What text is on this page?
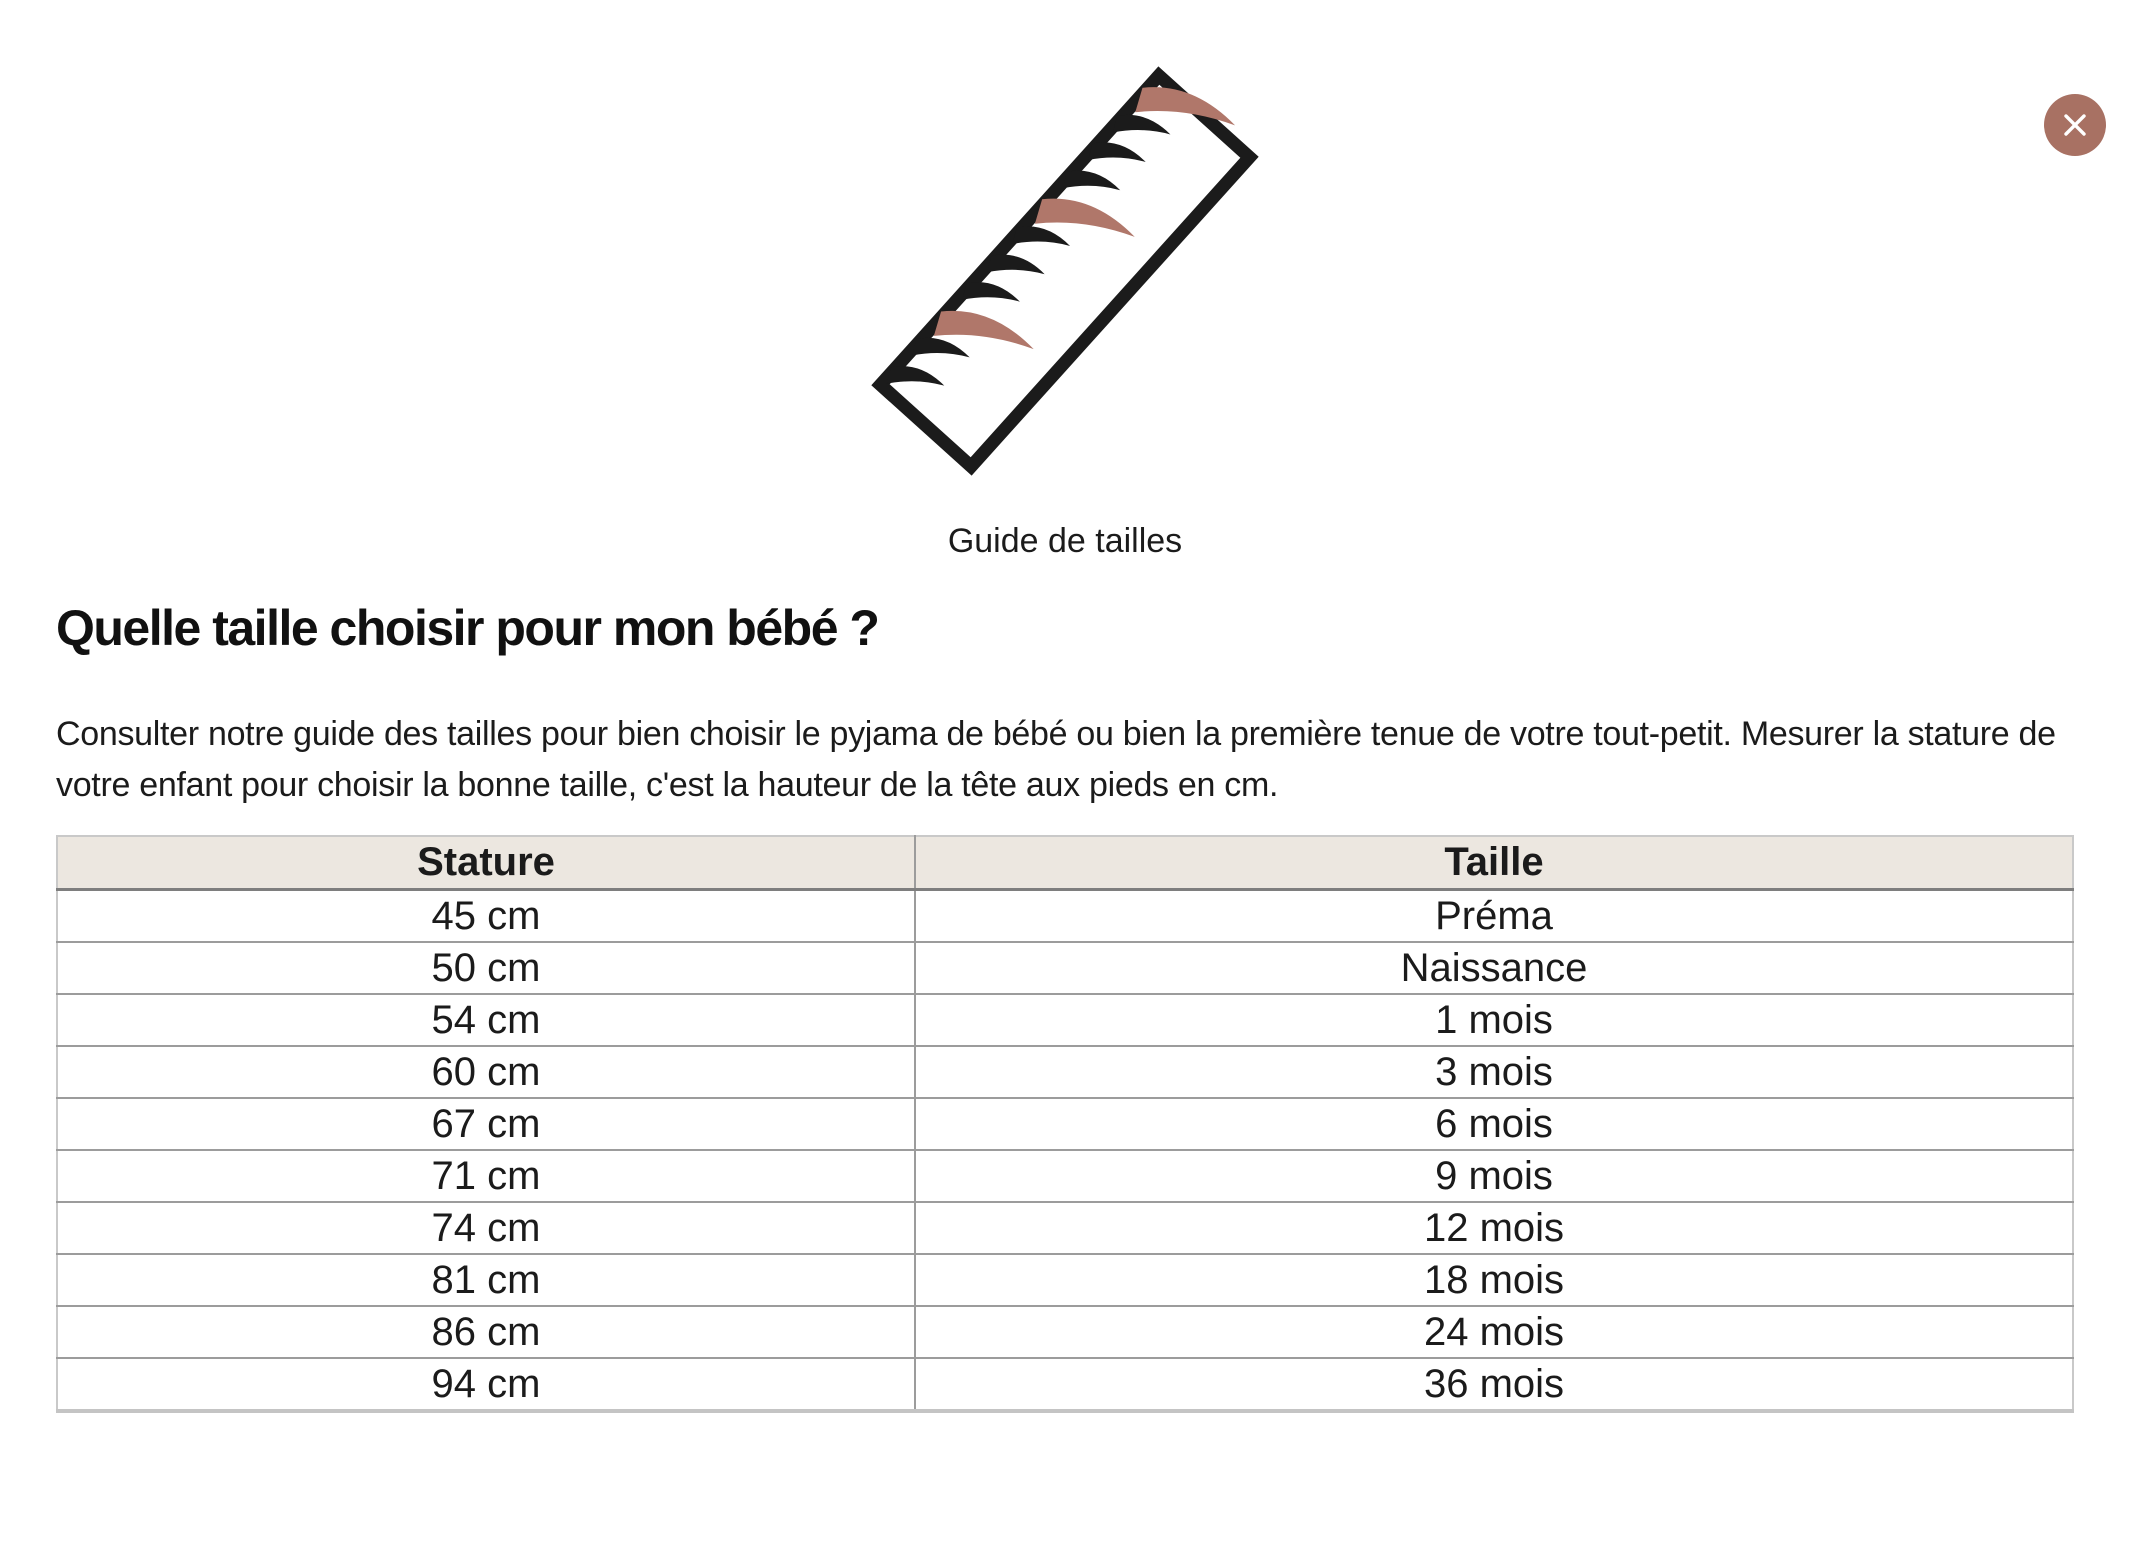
Guide de tailles
Quelle taille choisir pour mon bébé ?

Consulter notre guide des tailles pour bien choisir le pyjama de bébé ou bien la première tenue de votre tout-petit. Mesurer la stature de votre enfant pour choisir la bonne taille, c'est la hauteur de la tête aux pieds en cm.

Stature	Taille
45 cm	Préma
50 cm	Naissance
54 cm	1 mois
60 cm	3 mois
67 cm	6 mois
71 cm	9 mois
74 cm	12 mois
81 cm	18 mois
86 cm	24 mois
94 cm	36 mois
